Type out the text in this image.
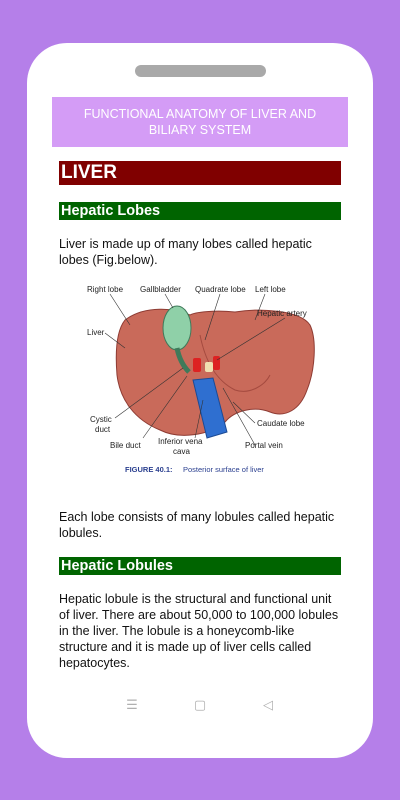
FUNCTIONAL ANATOMY OF LIVER AND BILIARY SYSTEM
LIVER
Hepatic Lobes

Liver is made up of many lobes called hepatic lobes (Fig.below).

Right lobe Gallbladder Quadrate lobe Left lobe
Hepatic artery
Liver
Cystic
duct
Bile duct Inferior vena
cava
Caudate lobe
Portal vein
FIGURE 40.1: Posterior surface of liver

Each lobe consists of many lobules called hepatic lobules.

Hepatic Lobules

Hepatic lobule is the structural and functional unit of liver. There are about 50,000 to 100,000 lobules in the liver. The lobule is a honeycomb-like structure and it is made up of liver cells called hepatocytes.

☰	▢	◁
